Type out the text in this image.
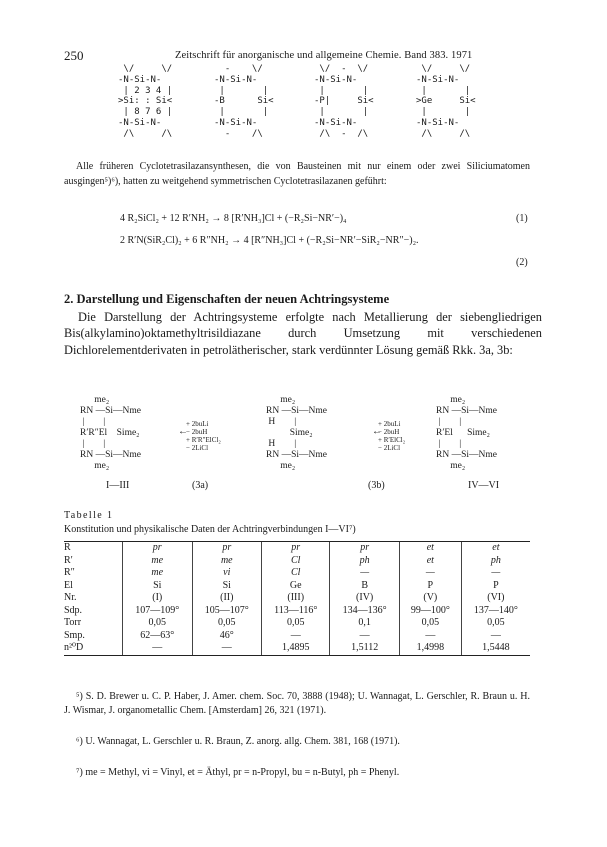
250	Zeitschrift für anorganische und allgemeine Chemie. Band 383. 1971
\/     \/
-N-Si-N-
| 2 3 4 |
>Si: : Si<
| 8 7 6 |
-N-Si-N-
/\     /\
-    \/
-N-Si-N-
|       |
-B      Si<
|       |
-N-Si-N-
-    /\
\/  -  \/
-N-Si-N-
|       |
-P|     Si<
|       |
-N-Si-N-
/\  -  /\
\/     \/
-N-Si-N-
|       |
>Ge     Si<
|       |
-N-Si-N-
/\     /\
Alle früheren Cyclotetrasilazansynthesen, die von Bausteinen mit nur einem oder zwei Siliciumatomen ausgingen⁵)⁶), hatten zu weitgehend symmetrischen Cyclotetrasilazanen geführt:
4 R₂SiCl₂ + 12 R′NH₂ → 8 [R′NH₃]Cl + (−R₂Si−NR′−)₄	(1)
2 R′N(SiR₂Cl)₂ + 6 R″NH₂ → 4 [R″NH₃]Cl + (−R₂Si−NR′−SiR₂−NR″−)₂.
(2)
2. Darstellung und Eigenschaften der neuen Achtringsysteme
Die Darstellung der Achtringsysteme erfolgte nach Metallierung der siebengliedrigen Bis(alkylamino)oktamethyltrisildiazane durch Umsetzung mit verschiedenen Dichlorelementderivaten in petrolätherischer, stark verdünnter Lösung gemäß Rkk. 3a, 3b:
me₂
RN —Si—Nme
|        |
R′R″El    Sime₂
|        |
RN —Si—Nme
me₂
+ 2buLi
− 2buH
+ R′R″ElCl₂
− 2LiCl
←
me₂
RN —Si—Nme
H        |
Sime₂
H        |
RN —Si—Nme
me₂
+ 2buLi
− 2buH
+ R′ElCl₂
− 2LiCl
←
me₂
RN —Si—Nme
|        |
R′El      Sime₂
|        |
RN —Si—Nme
me₂
I—III	(3a)	(3b)	IV—VI
Tabelle 1
Konstitution und physikalische Daten der Achtringverbindungen I—VI⁷)
R	pr	pr	pr	pr	et	et
R′	me	me	Cl	ph	et	ph
R″	me	vi	Cl	—	—	—
El	Si	Si	Ge	B	P	P
Nr.	(I)	(II)	(III)	(IV)	(V)	(VI)
Sdp.	107—109°	105—107°	113—116°	134—136°	99—100°	137—140°
Torr	0,05	0,05	0,05	0,1	0,05	0,05
Smp.	62—63°	46°	—	—	—	—
n²⁰D	—	—	1,4895	1,5112	1,4998	1,5448
⁵) S. D. Brewer u. C. P. Haber, J. Amer. chem. Soc. 70, 3888 (1948); U. Wannagat, L. Gerschler, R. Braun u. H. J. Wismar, J. organometallic Chem. [Amsterdam] 26, 321 (1971).
⁶) U. Wannagat, L. Gerschler u. R. Braun, Z. anorg. allg. Chem. 381, 168 (1971).
⁷) me = Methyl, vi = Vinyl, et = Äthyl, pr = n-Propyl, bu = n-Butyl, ph = Phenyl.
